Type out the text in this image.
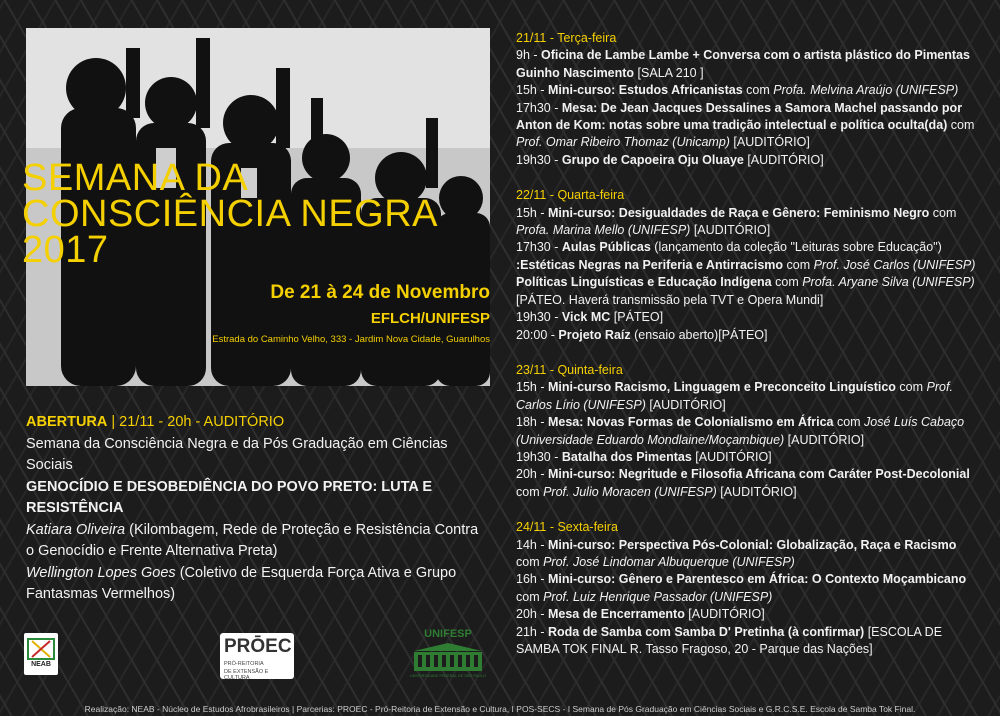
SEMANA DA
CONSCIÊNCIA NEGRA
2017
De 21 à 24 de Novembro
EFLCH/UNIFESP
Estrada do Caminho Velho, 333 - Jardim Nova Cidade, Guarulhos

ABERTURA | 21/11 - 20h - AUDITÓRIO

Semana da Consciência Negra e da Pós Graduação em Ciências Sociais

GENOCÍDIO E DESOBEDIÊNCIA DO POVO PRETO: LUTA E RESISTÊNCIA

Katiara Oliveira (Kilombagem, Rede de Proteção e Resistência Contra o Genocídio e Frente Alternativa Preta)

Wellington Lopes Goes (Coletivo de Esquerda Força Ativa e Grupo Fantasmas Vermelhos)

NEAB
PRŌEC
PRÓ-REITORIA
DE EXTENSÃO E CULTURA
UNIFESP
UNIVERSIDADE FEDERAL DE SÃO PAULO

21/11 - Terça-feira

9h - Oficina de Lambe Lambe + Conversa com o artista plástico do Pimentas Guinho Nascimento [SALA 210 ]

15h - Mini-curso: Estudos Africanistas com Profa. Melvina Araújo (UNIFESP)

17h30 - Mesa: De Jean Jacques Dessalines a Samora Machel passando por Anton de Kom: notas sobre uma tradição intelectual e política oculta(da) com Prof. Omar Ribeiro Thomaz (Unicamp) [AUDITÓRIO]

19h30 - Grupo de Capoeira Oju Oluaye [AUDITÓRIO]

22/11 - Quarta-feira

15h - Mini-curso: Desigualdades de Raça e Gênero: Feminismo Negro com Profa. Marina Mello (UNIFESP) [AUDITÓRIO]

17h30 - Aulas Públicas (lançamento da coleção "Leituras sobre Educação")

:Estéticas Negras na Periferia e Antirracismo com Prof. José Carlos (UNIFESP)

Políticas Linguísticas e Educação Indígena com Profa. Aryane Silva (UNIFESP)

[PÁTEO. Haverá transmissão pela TVT e Opera Mundi]

19h30 - Vick MC [PÁTEO]

20:00 - Projeto Raíz (ensaio aberto)[PÁTEO]

23/11 - Quinta-feira

15h - Mini-curso Racismo, Linguagem e Preconceito Linguístico com Prof. Carlos Lírio (UNIFESP) [AUDITÓRIO]

18h - Mesa: Novas Formas de Colonialismo em África com José Luís Cabaço (Universidade Eduardo Mondlaine/Moçambique) [AUDITÓRIO]

19h30 - Batalha dos Pimentas [AUDITÓRIO]

20h - Mini-curso: Negritude e Filosofia Africana com Caráter Post-Decolonial com Prof. Julio Moracen (UNIFESP) [AUDITÓRIO]

24/11 - Sexta-feira

14h - Mini-curso: Perspectiva Pós-Colonial: Globalização, Raça e Racismo com Prof. José Lindomar Albuquerque (UNIFESP)

16h - Mini-curso: Gênero e Parentesco em África: O Contexto Moçambicano com Prof. Luiz Henrique Passador (UNIFESP)

20h - Mesa de Encerramento [AUDITÓRIO]

21h - Roda de Samba com Samba D' Pretinha (à confirmar) [ESCOLA DE SAMBA TOK FINAL R. Tasso Fragoso, 20 - Parque das Nações]

Realização: NEAB - Núcleo de Estudos Afrobrasileiros | Parcerias: PROEC - Pró-Reitoria de Extensão e Cultura, I POS-SECS - I Semana de Pós Graduação em Ciências Sociais e G.R.C.S.E. Escola de Samba Tok Final.
